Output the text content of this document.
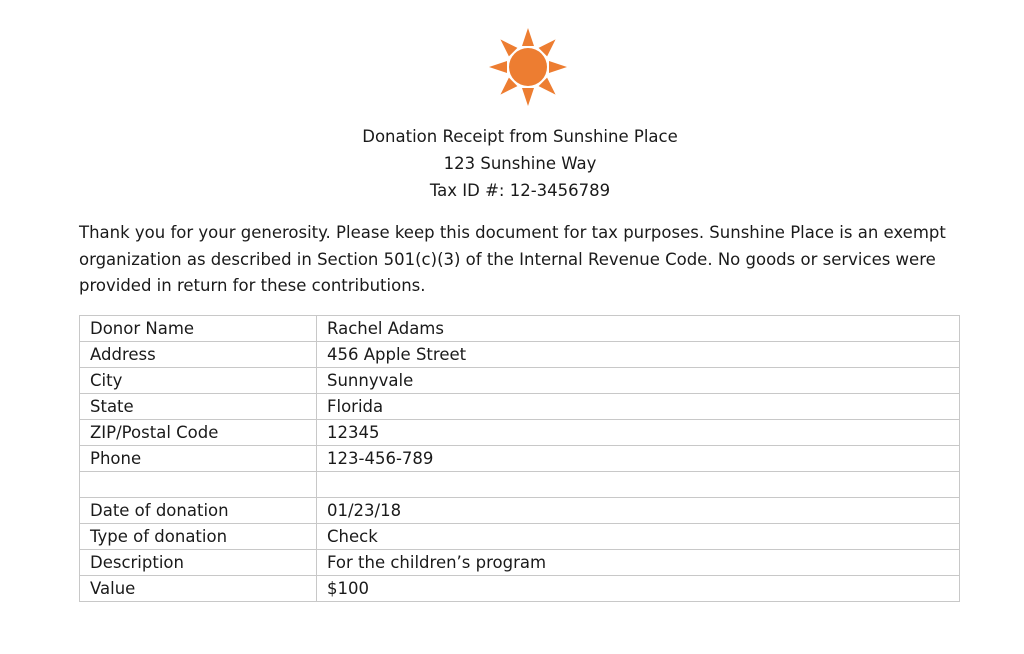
Donation Receipt from Sunshine Place
123 Sunshine Way
Tax ID #: 12-3456789

Thank you for your generosity. Please keep this document for tax purposes. Sunshine Place is an exempt

organization as described in Section 501(c)(3) of the Internal Revenue Code. No goods or services were

provided in return for these contributions.

Donor Name	Rachel Adams
Address	456 Apple Street
City	Sunnyvale
State	Florida
ZIP/Postal Code	12345
Phone	123-456-789

Date of donation	01/23/18
Type of donation	Check
Description	For the children’s program
Value	$100
